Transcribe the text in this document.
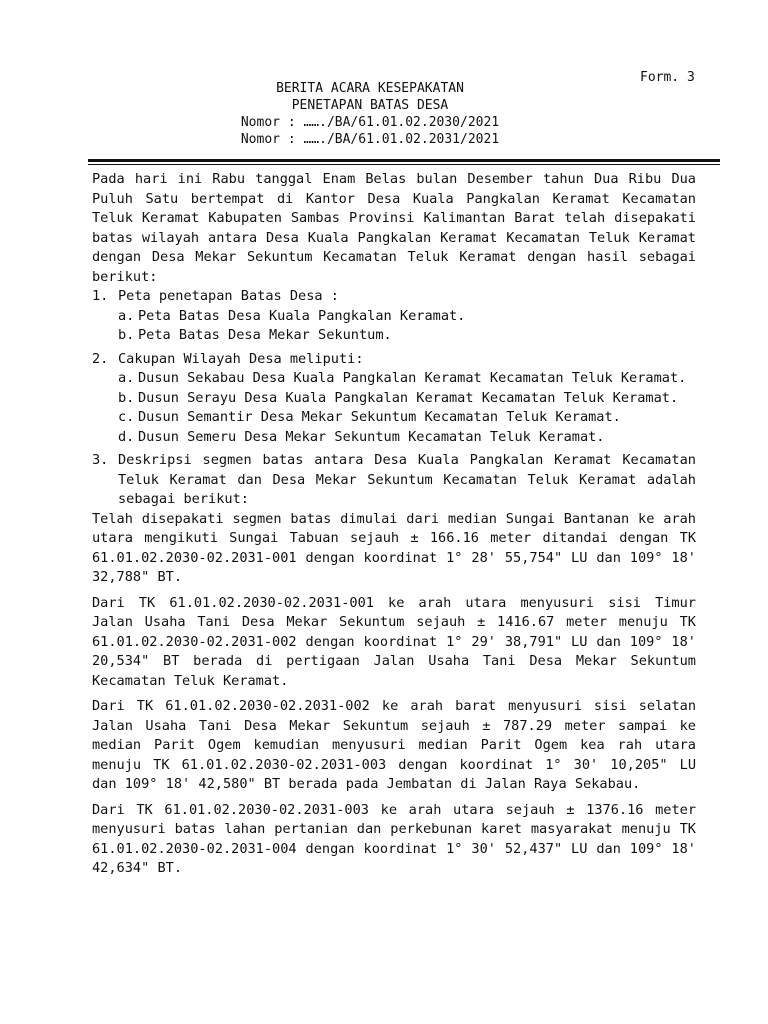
Form. 3
BERITA ACARA KESEPAKATAN
PENETAPAN BATAS DESA
Nomor : ……./BA/61.01.02.2030/2021
Nomor : ……./BA/61.01.02.2031/2021
Pada hari ini Rabu tanggal Enam Belas bulan Desember tahun Dua Ribu Dua Puluh Satu bertempat di Kantor Desa Kuala Pangkalan Keramat Kecamatan Teluk Keramat Kabupaten Sambas Provinsi Kalimantan Barat telah disepakati batas wilayah antara Desa Kuala Pangkalan Keramat Kecamatan Teluk Keramat dengan Desa Mekar Sekuntum Kecamatan Teluk Keramat dengan hasil sebagai berikut:
1. Peta penetapan Batas Desa :
a. Peta Batas Desa Kuala Pangkalan Keramat.
b. Peta Batas Desa Mekar Sekuntum.
2. Cakupan Wilayah Desa meliputi:
a. Dusun Sekabau Desa Kuala Pangkalan Keramat Kecamatan Teluk Keramat.
b. Dusun Serayu Desa Kuala Pangkalan Keramat Kecamatan Teluk Keramat.
c. Dusun Semantir Desa Mekar Sekuntum Kecamatan Teluk Keramat.
d. Dusun Semeru Desa Mekar Sekuntum Kecamatan Teluk Keramat.
3. Deskripsi segmen batas antara Desa Kuala Pangkalan Keramat Kecamatan Teluk Keramat dan Desa Mekar Sekuntum Kecamatan Teluk Keramat adalah sebagai berikut:
Telah disepakati segmen batas dimulai dari median Sungai Bantanan ke arah utara mengikuti Sungai Tabuan sejauh ± 166.16 meter ditandai dengan TK 61.01.02.2030-02.2031-001 dengan koordinat 1° 28' 55,754" LU dan 109° 18' 32,788" BT.
Dari TK 61.01.02.2030-02.2031-001 ke arah utara menyusuri sisi Timur Jalan Usaha Tani Desa Mekar Sekuntum sejauh ± 1416.67 meter menuju TK 61.01.02.2030-02.2031-002 dengan koordinat 1° 29' 38,791" LU dan 109° 18' 20,534" BT berada di pertigaan Jalan Usaha Tani Desa Mekar Sekuntum Kecamatan Teluk Keramat.
Dari TK 61.01.02.2030-02.2031-002 ke arah barat menyusuri sisi selatan Jalan Usaha Tani Desa Mekar Sekuntum sejauh ± 787.29 meter sampai ke median Parit Ogem kemudian menyusuri median Parit Ogem kea rah utara menuju TK 61.01.02.2030-02.2031-003 dengan koordinat 1° 30' 10,205" LU dan 109° 18' 42,580" BT berada pada Jembatan di Jalan Raya Sekabau.
Dari TK 61.01.02.2030-02.2031-003 ke arah utara sejauh ± 1376.16 meter menyusuri batas lahan pertanian dan perkebunan karet masyarakat menuju TK 61.01.02.2030-02.2031-004 dengan koordinat 1° 30' 52,437" LU dan 109° 18' 42,634" BT.
